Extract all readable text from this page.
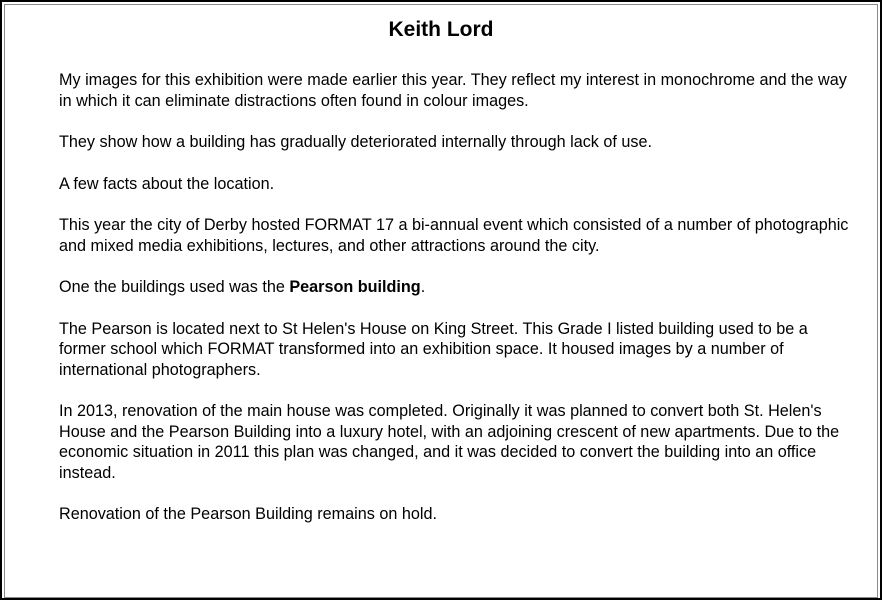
Keith Lord

My images for this exhibition were made earlier this year. They reflect my interest in monochrome and the way in which it can eliminate distractions often found in colour images.

They show how a building has gradually deteriorated internally through lack of use.

A few facts about the location.

This year the city of Derby hosted FORMAT 17 a bi-annual event which consisted of a number of photographic and mixed media exhibitions, lectures, and other attractions around the city.

One the buildings used was the Pearson building.

The Pearson is located next to St Helen's House on King Street. This Grade I listed building used to be a former school which FORMAT transformed into an exhibition space. It housed images by a number of international photographers.

In 2013, renovation of the main house was completed. Originally it was planned to convert both St. Helen's House and the Pearson Building into a luxury hotel, with an adjoining crescent of new apartments. Due to the economic situation in 2011 this plan was changed, and it was decided to convert the building into an office instead.

Renovation of the Pearson Building remains on hold.
